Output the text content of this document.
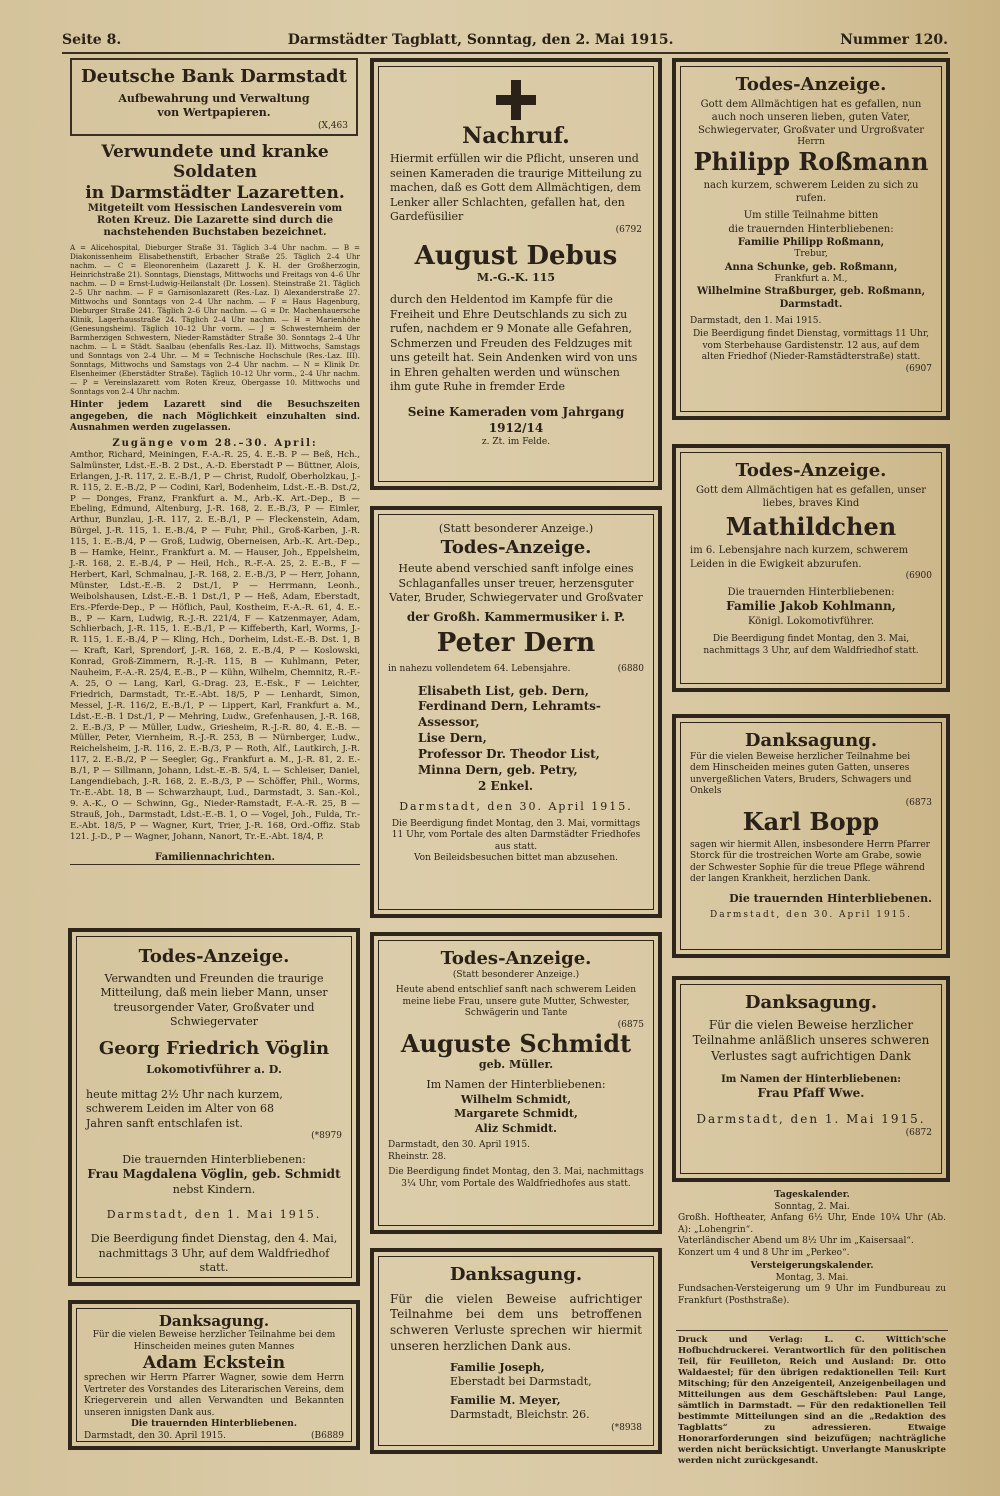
Seite 8.	Darmstädter Tagblatt, Sonntag, den 2. Mai 1915.	Nummer 120.
Deutsche Bank Darmstadt
Aufbewahrung und Verwaltung
von Wertpapieren.
(X,463
Verwundete und kranke Soldaten
in Darmstädter Lazaretten.
Mitgeteilt vom Hessischen Landesverein vom Roten Kreuz. Die Lazarette sind durch die nachstehenden Buchstaben bezeichnet.
A = Alicehospital, Dieburger Straße 31. Täglich 3–4 Uhr nachm. — B = Diakonissenheim Elisabethenstift, Erbacher Straße 25. Täglich 2–4 Uhr nachm. — C = Eleonorenheim (Lazarett J. K. H. der Großherzogin, Heinrichstraße 21). Sonntags, Dienstags, Mittwochs und Freitags von 4–6 Uhr nachm. — D = Ernst-Ludwig-Heilanstalt (Dr. Lossen). Steinstraße 21. Täglich 2–5 Uhr nachm. — F = Garnisonlazarett (Res.-Laz. I) Alexanderstraße 27. Mittwochs und Sonntags von 2–4 Uhr nachm. — F = Haus Hagenburg, Dieburger Straße 241. Täglich 2–6 Uhr nachm. — G = Dr. Machenhauersche Klinik, Lagerhausstraße 24. Täglich 2–4 Uhr nachm. — H = Marienhöhe (Genesungsheim). Täglich 10–12 Uhr vorm. — J = Schwesternheim der Barmherzigen Schwestern, Nieder-Ramstädter Straße 30. Sonntags 2–4 Uhr nachm. — L = Städt. Saalbau (ebenfalls Res.-Laz. II). Mittwochs, Samstags und Sonntags von 2–4 Uhr. — M = Technische Hochschule (Res.-Laz. III). Sonntags, Mittwochs und Samstags von 2–4 Uhr nachm. — N = Klinik Dr. Elsenheimer (Eberstädter Straße). Täglich 10–12 Uhr vorm., 2–4 Uhr nachm. — P = Vereinslazarett vom Roten Kreuz, Obergasse 10. Mittwochs und Sonntags von 2–4 Uhr nachm.
Hinter jedem Lazarett sind die Besuchszeiten angegeben, die nach Möglichkeit einzuhalten sind. Ausnahmen werden zugelassen.
Zugänge vom 28.–30. April:
Amthor, Richard, Meiningen, F.-A.-R. 25, 4. E.-B. P — Beß, Hch., Salmünster, Ldst.-E.-B. 2 Dst., A.-D. Eberstadt P — Büttner, Alois, Erlangen, J.-R. 117, 2. E.-B./1, P — Christ, Rudolf, Oberholzkau, J.-R. 115, 2. E.-B./2, P — Codini, Karl, Bodenheim, Ldst.-E.-B. Dst./2, P — Donges, Franz, Frankfurt a. M., Arb.-K. Art.-Dep., B — Ebeling, Edmund, Altenburg, J.-R. 168, 2. E.-B./3, P — Eimler, Arthur, Bunzlau, J.-R. 117, 2. E.-B./1, P — Fleckenstein, Adam, Bürgel, J.-R. 115, 1. E.-B./4, P — Fuhr, Phil., Groß-Karben, J.-R. 115, 1. E.-B./4, P — Groß, Ludwig, Oberneisen, Arb.-K. Art.-Dep., B — Hamke, Heinr., Frankfurt a. M. — Hauser, Joh., Eppelsheim, J.-R. 168, 2. E.-B./4, P — Heil, Hch., R.-F.-A. 25, 2. E.-B., F — Herbert, Karl, Schmalnau, J.-R. 168, 2. E.-B./3, P — Herr, Johann, Münster, Ldst.-E.-B. 2 Dst./1, P — Herrmann, Leonh., Weibolshausen, Ldst.-E.-B. 1 Dst./1, P — Heß, Adam, Eberstadt, Ers.-Pferde-Dep., P — Höflich, Paul, Kostheim, F.-A.-R. 61, 4. E.-B., P — Karn, Ludwig, R.-J.-R. 221/4, F — Katzenmayer, Adam, Schlierbach, J.-R. 115, 1. E.-B./1, P — Kiffeberth, Karl, Worms, J.-R. 115, 1. E.-B./4, P — Kling, Hch., Dorheim, Ldst.-E.-B. Dst. 1, B — Kraft, Karl, Sprendorf, J.-R. 168, 2. E.-B./4, P — Koslowski, Konrad, Groß-Zimmern, R.-J.-R. 115, B — Kuhlmann, Peter, Nauheim, F.-A.-R. 25/4, E.-B., P — Kühn, Wilhelm, Chemnitz, R.-F.-A. 25, O — Lang, Karl, G.-Drag. 23, E.-Esk., F — Leichter, Friedrich, Darmstadt, Tr.-E.-Abt. 18/5, P — Lenhardt, Simon, Messel, J.-R. 116/2, E.-B./1, P — Lippert, Karl, Frankfurt a. M., Ldst.-E.-B. 1 Dst./1, P — Mehring, Ludw., Grefenhausen, J.-R. 168, 2. E.-B./3, P — Müller, Ludw., Griesheim, R.-J.-R. 80, 4. E.-B. — Müller, Peter, Viernheim, R.-J.-R. 253, B — Nürnberger, Ludw., Reichelsheim, J.-R. 116, 2. E.-B./3, P — Roth, Alf., Lautkirch, J.-R. 117, 2. E.-B./2, P — Seegler, Gg., Frankfurt a. M., J.-R. 81, 2. E.-B./1, P — Sillmann, Johann, Ldst.-E.-B. 5/4, L — Schleiser, Daniel, Langendiebach, J.-R. 168, 2. E.-B./3, P — Schöffer, Phil., Worms, Tr.-E.-Abt. 18, B — Schwarzhaupt, Lud., Darmstadt, 3. San.-Kol., 9. A.-K., O — Schwinn, Gg., Nieder-Ramstadt, F.-A.-R. 25, B — Strauß, Joh., Darmstadt, Ldst.-E.-B. 1, O — Vogel, Joh., Fulda, Tr.-E.-Abt. 18/5, P — Wagner, Kurt, Trier, J.-R. 168, Ord.-Offiz. Stab 121. J.-D., P — Wagner, Johann, Nanort, Tr.-E.-Abt. 18/4, P.
Familiennachrichten.
Todes-Anzeige.
Verwandten und Freunden die traurige Mitteilung, daß mein lieber Mann, unser treusorgender Vater, Großvater und Schwiegervater
Georg Friedrich Vöglin
Lokomotivführer a. D.
heute mittag 2½ Uhr nach kurzem, schwerem Leiden im Alter von 68 Jahren sanft entschlafen ist.
(*8979
Die trauernden Hinterbliebenen:
Frau Magdalena Vöglin, geb. Schmidt
nebst Kindern.
Darmstadt, den 1. Mai 1915.
Die Beerdigung findet Dienstag, den 4. Mai, nachmittags 3 Uhr, auf dem Waldfriedhof statt.
Danksagung.
Für die vielen Beweise herzlicher Teilnahme bei dem Hinscheiden meines guten Mannes
Adam Eckstein
sprechen wir Herrn Pfarrer Wagner, sowie dem Herrn Vertreter des Vorstandes des Literarischen Vereins, dem Kriegerverein und allen Verwandten und Bekannten unseren innigsten Dank aus.
Die trauernden Hinterbliebenen.
Darmstadt, den 30. April 1915.	(B6889
Nachruf.
Hiermit erfüllen wir die Pflicht, unseren und seinen Kameraden die traurige Mitteilung zu machen, daß es Gott dem Allmächtigen, dem Lenker aller Schlachten, gefallen hat, den Gardefüsilier
(6792
August Debus
M.-G.-K. 115
durch den Heldentod im Kampfe für die Freiheit und Ehre Deutschlands zu sich zu rufen, nachdem er 9 Monate alle Gefahren, Schmerzen und Freuden des Feldzuges mit uns geteilt hat. Sein Andenken wird von uns in Ehren gehalten werden und wünschen ihm gute Ruhe in fremder Erde
Seine Kameraden vom Jahrgang
1912/14
z. Zt. im Felde.
(Statt besonderer Anzeige.)
Todes-Anzeige.
Heute abend verschied sanft infolge eines Schlaganfalles unser treuer, herzensguter Vater, Bruder, Schwiegervater und Großvater
der Großh. Kammermusiker i. P.
Peter Dern
in nahezu vollendetem 64. Lebensjahre.	(6880
Elisabeth List, geb. Dern,
Ferdinand Dern, Lehramts-Assessor,
Lise Dern,
Professor Dr. Theodor List,
Minna Dern, geb. Petry,
2 Enkel.
Darmstadt, den 30. April 1915.
Die Beerdigung findet Montag, den 3. Mai, vormittags 11 Uhr, vom Portale des alten Darmstädter Friedhofes aus statt.
Von Beileidsbesuchen bittet man abzusehen.
Todes-Anzeige.
(Statt besonderer Anzeige.)
Heute abend entschlief sanft nach schwerem Leiden meine liebe Frau, unsere gute Mutter, Schwester, Schwägerin und Tante
(6875
Auguste Schmidt
geb. Müller.
Im Namen der Hinterbliebenen:
Wilhelm Schmidt,
Margarete Schmidt,
Aliz Schmidt.
Darmstadt, den 30. April 1915.
Rheinstr. 28.
Die Beerdigung findet Montag, den 3. Mai, nachmittags 3¼ Uhr, vom Portale des Waldfriedhofes aus statt.
Danksagung.
Für die vielen Beweise aufrichtiger Teilnahme bei dem uns betroffenen schweren Verluste sprechen wir hiermit unseren herzlichen Dank aus.
Familie Joseph,
Eberstadt bei Darmstadt,
Familie M. Meyer,
Darmstadt, Bleichstr. 26.
(*8938
Todes-Anzeige.
Gott dem Allmächtigen hat es gefallen, nun auch noch unseren lieben, guten Vater, Schwiegervater, Großvater und Urgroßvater
Herrn
Philipp Roßmann
nach kurzem, schwerem Leiden zu sich zu rufen.
Um stille Teilnahme bitten
die trauernden Hinterbliebenen:
Familie Philipp Roßmann,
Trebur,
Anna Schunke, geb. Roßmann,
Frankfurt a. M.,
Wilhelmine Straßburger, geb. Roßmann, Darmstadt.
Darmstadt, den 1. Mai 1915.
Die Beerdigung findet Dienstag, vormittags 11 Uhr, vom Sterbehause Gardistenstr. 12 aus, auf dem alten Friedhof (Nieder-Ramstädterstraße) statt.
(6907
Todes-Anzeige.
Gott dem Allmächtigen hat es gefallen, unser liebes, braves Kind
Mathildchen
im 6. Lebensjahre nach kurzem, schwerem Leiden in die Ewigkeit abzurufen.
(6900
Die trauernden Hinterbliebenen:
Familie Jakob Kohlmann,
Königl. Lokomotivführer.
Die Beerdigung findet Montag, den 3. Mai, nachmittags 3 Uhr, auf dem Waldfriedhof statt.
Danksagung.
Für die vielen Beweise herzlicher Teilnahme bei dem Hinscheiden meines guten Gatten, unseres unvergeßlichen Vaters, Bruders, Schwagers und Onkels
(6873
Karl Bopp
sagen wir hiermit Allen, insbesondere Herrn Pfarrer Storck für die trostreichen Worte am Grabe, sowie der Schwester Sophie für die treue Pflege während der langen Krankheit, herzlichen Dank.
Die trauernden Hinterbliebenen.
Darmstadt, den 30. April 1915.
Danksagung.
Für die vielen Beweise herzlicher Teilnahme anläßlich unseres schweren Verlustes sagt aufrichtigen Dank
Im Namen der Hinterbliebenen:
Frau Pfaff Wwe.
Darmstadt, den 1. Mai 1915.
(6872
Tageskalender.
Sonntag, 2. Mai.
Großh. Hoftheater, Anfang 6½ Uhr, Ende 10¼ Uhr (Ab. A): „Lohengrin“.
Vaterländischer Abend um 8½ Uhr im „Kaisersaal“.
Konzert um 4 und 8 Uhr im „Perkeo“.
Versteigerungskalender.
Montag, 3. Mai.
Fundsachen-Versteigerung um 9 Uhr im Fundbureau zu Frankfurt (Posthstraße).
Druck und Verlag: L. C. Wittich'sche Hofbuchdruckerei. Verantwortlich für den politischen Teil, für Feuilleton, Reich und Ausland: Dr. Otto Waldaestel; für den übrigen redaktionellen Teil: Kurt Mitsching; für den Anzeigenteil, Anzeigenbeilagen und Mitteilungen aus dem Geschäftsleben: Paul Lange, sämtlich in Darmstadt. — Für den redaktionellen Teil bestimmte Mitteilungen sind an die „Redaktion des Tagblatts“ zu adressieren. Etwaige Honorarforderungen sind beizufügen; nachträgliche werden nicht berücksichtigt. Unverlangte Manuskripte werden nicht zurückgesandt.
